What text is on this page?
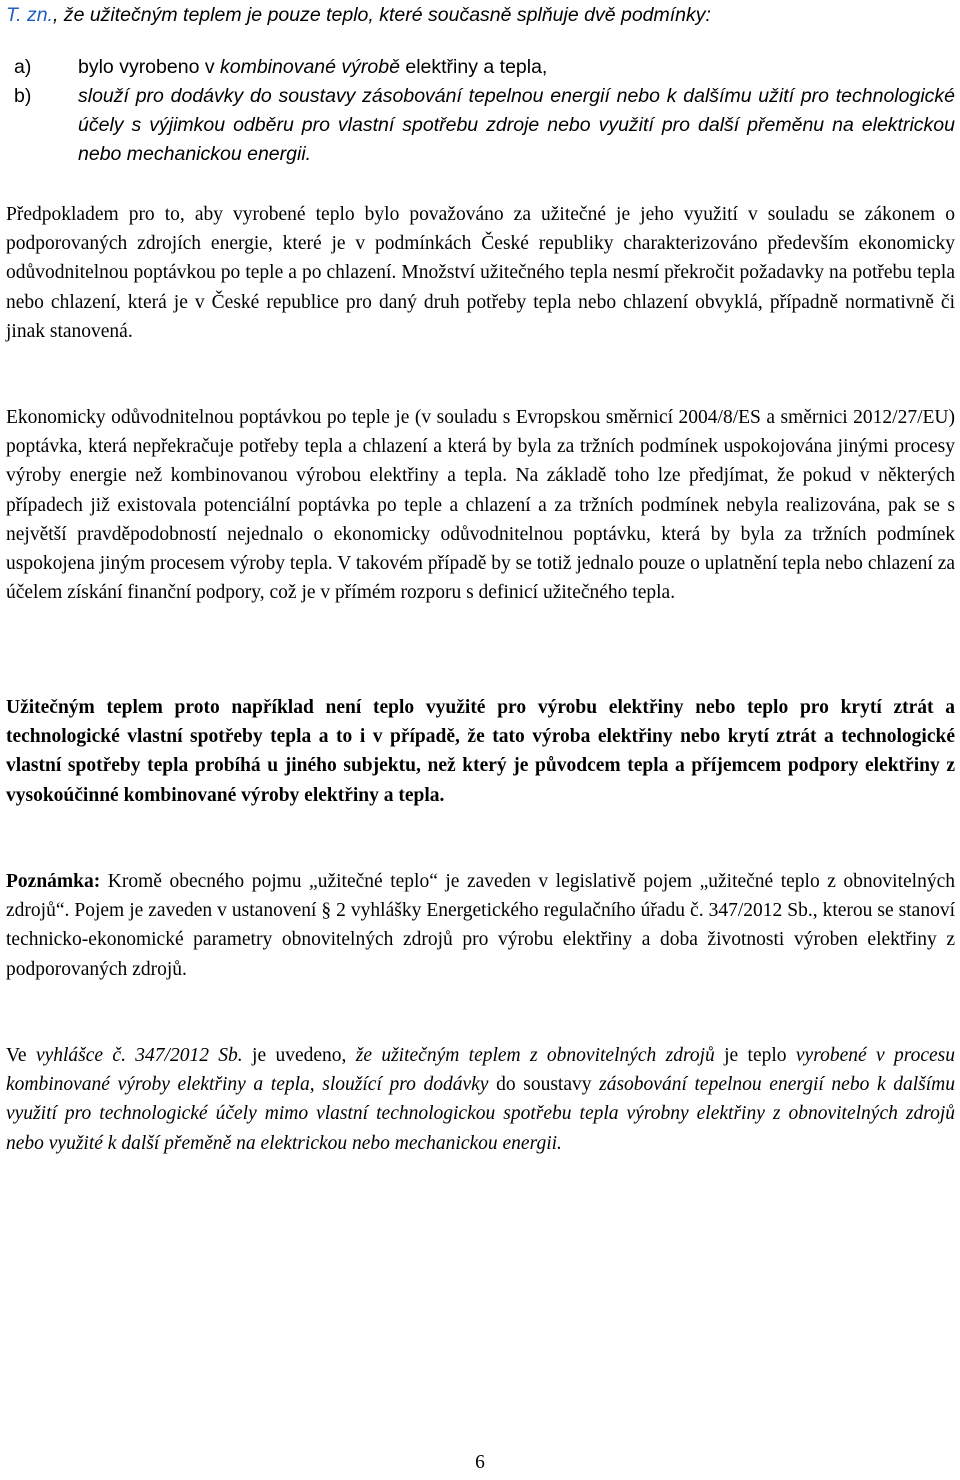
T. zn., že užitečným teplem je pouze teplo, které současně splňuje dvě podmínky:
a)	bylo vyrobeno v kombinované výrobě elektřiny a tepla,
b)	slouží pro dodávky do soustavy zásobování tepelnou energií nebo k dalšímu užití pro technologické účely s výjimkou odběru pro vlastní spotřebu zdroje nebo využití pro další přeměnu na elektrickou nebo mechanickou energii.

Předpokladem pro to, aby vyrobené teplo bylo považováno za užitečné je jeho využití v souladu se zákonem o podporovaných zdrojích energie, které je v podmínkách České republiky charakterizováno především ekonomicky odůvodnitelnou poptávkou po teple a po chlazení. Množství užitečného tepla nesmí překročit požadavky na potřebu tepla nebo chlazení, která je v České republice pro daný druh potřeby tepla nebo chlazení obvyklá, případně normativně či jinak stanovená.

Ekonomicky odůvodnitelnou poptávkou po teple je (v souladu s Evropskou směrnicí 2004/8/ES a směrnici 2012/27/EU) poptávka, která nepřekračuje potřeby tepla a chlazení a která by byla za tržních podmínek uspokojována jinými procesy výroby energie než kombinovanou výrobou elektřiny a tepla. Na základě toho lze předjímat, že pokud v některých případech již existovala potenciální poptávka po teple a chlazení a za tržních podmínek nebyla realizována, pak se s největší pravděpodobností nejednalo o ekonomicky odůvodnitelnou poptávku, která by byla za tržních podmínek uspokojena jiným procesem výroby tepla. V takovém případě by se totiž jednalo pouze o uplatnění tepla nebo chlazení za účelem získání finanční podpory, což je v přímém rozporu s definicí užitečného tepla.

Užitečným teplem proto například není teplo využité pro výrobu elektřiny nebo teplo pro krytí ztrát a technologické vlastní spotřeby tepla a to i v případě, že tato výroba elektřiny nebo krytí ztrát a technologické vlastní spotřeby tepla probíhá u jiného subjektu, než který je původcem tepla a příjemcem podpory elektřiny z vysokoúčinné kombinované výroby elektřiny a tepla.

Poznámka: Kromě obecného pojmu „užitečné teplo“ je zaveden v legislativě pojem „užitečné teplo z obnovitelných zdrojů“. Pojem je zaveden v ustanovení § 2 vyhlášky Energetického regulačního úřadu č. 347/2012 Sb., kterou se stanoví technicko-ekonomické parametry obnovitelných zdrojů pro výrobu elektřiny a doba životnosti výroben elektřiny z podporovaných zdrojů.

Ve vyhlášce č. 347/2012 Sb. je uvedeno, že užitečným teplem z obnovitelných zdrojů je teplo vyrobené v procesu kombinované výroby elektřiny a tepla, sloužící pro dodávky do soustavy zásobování tepelnou energií nebo k dalšímu využití pro technologické účely mimo vlastní technologickou spotřebu tepla výrobny elektřiny z obnovitelných zdrojů nebo využité k další přeměně na elektrickou nebo mechanickou energii.

6
